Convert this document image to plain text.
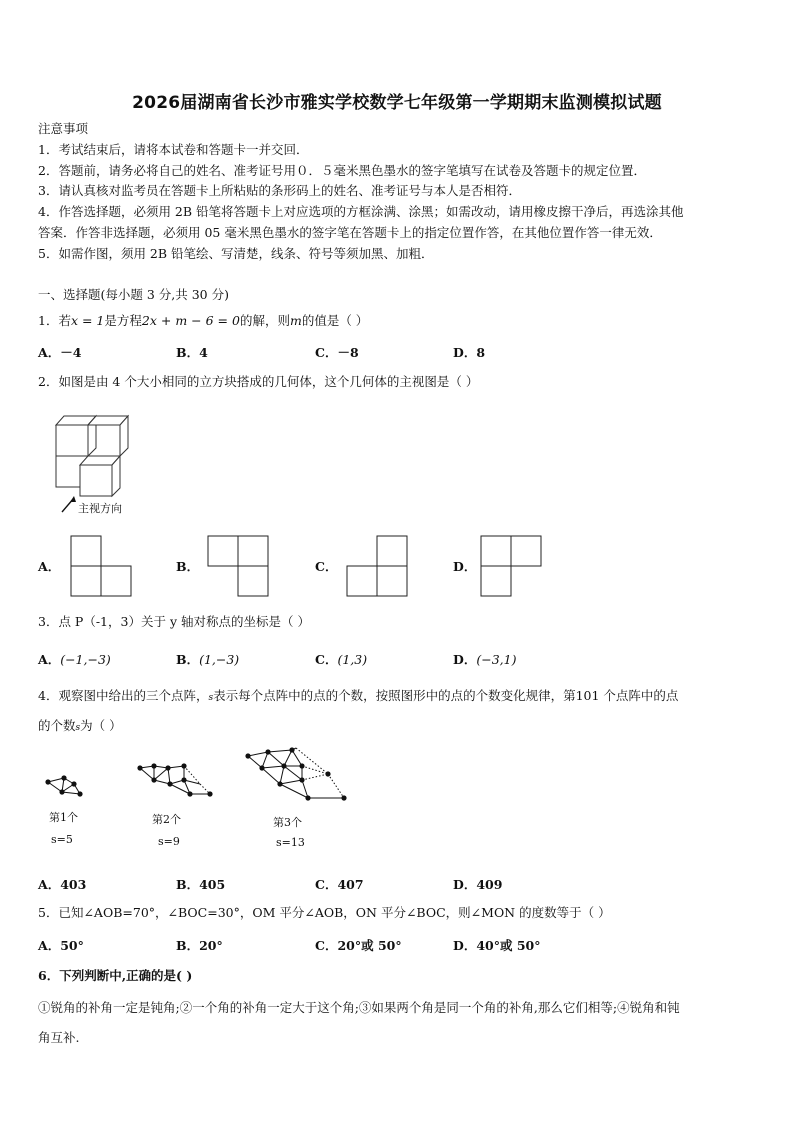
2026届湖南省长沙市雅实学校数学七年级第一学期期末监测模拟试题
注意事项
1．考试结束后，请将本试卷和答题卡一并交回．
2．答题前，请务必将自己的姓名、准考证号用０．５毫米黑色墨水的签字笔填写在试卷及答题卡的规定位置．
3．请认真核对监考员在答题卡上所粘贴的条形码上的姓名、准考证号与本人是否相符．
4．作答选择题，必须用 2B 铅笔将答题卡上对应选项的方框涂满、涂黑；如需改动，请用橡皮擦干净后，再选涂其他
答案．作答非选择题，必须用 05 毫米黑色墨水的签字笔在答题卡上的指定位置作答，在其他位置作答一律无效．
5．如需作图，须用 2B 铅笔绘、写清楚，线条、符号等须加黑、加粗．
一、选择题(每小题 3 分,共 30 分)
1．若x = 1是方程2x + m − 6 = 0的解，则m的值是（ ）
A．－4	B．4	C．－8	D．8
2．如图是由 4 个大小相同的立方块搭成的几何体，这个几何体的主视图是（ ）
主视方向
A．	B．	C．	D．
3．点 P（-1，3）关于 y 轴对称点的坐标是（ ）
A．(−1,−3)	B．(1,−3)	C．(1,3)	D．(−3,1)
4．观察图中给出的三个点阵，s表示每个点阵中的点的个数，按照图形中的点的个数变化规律，第101 个点阵中的点
的个数s为（ ）
第1个
s=5
第2个
s=9
第3个
s=13
A．403	B．405	C．407	D．409
5．已知∠AOB=70°，∠BOC=30°，OM 平分∠AOB，ON 平分∠BOC，则∠MON 的度数等于（ ）
A．50°	B．20°	C．20°或 50°	D．40°或 50°
6．下列判断中,正确的是( )
①锐角的补角一定是钝角;②一个角的补角一定大于这个角;③如果两个角是同一个角的补角,那么它们相等;④锐角和钝
角互补.
